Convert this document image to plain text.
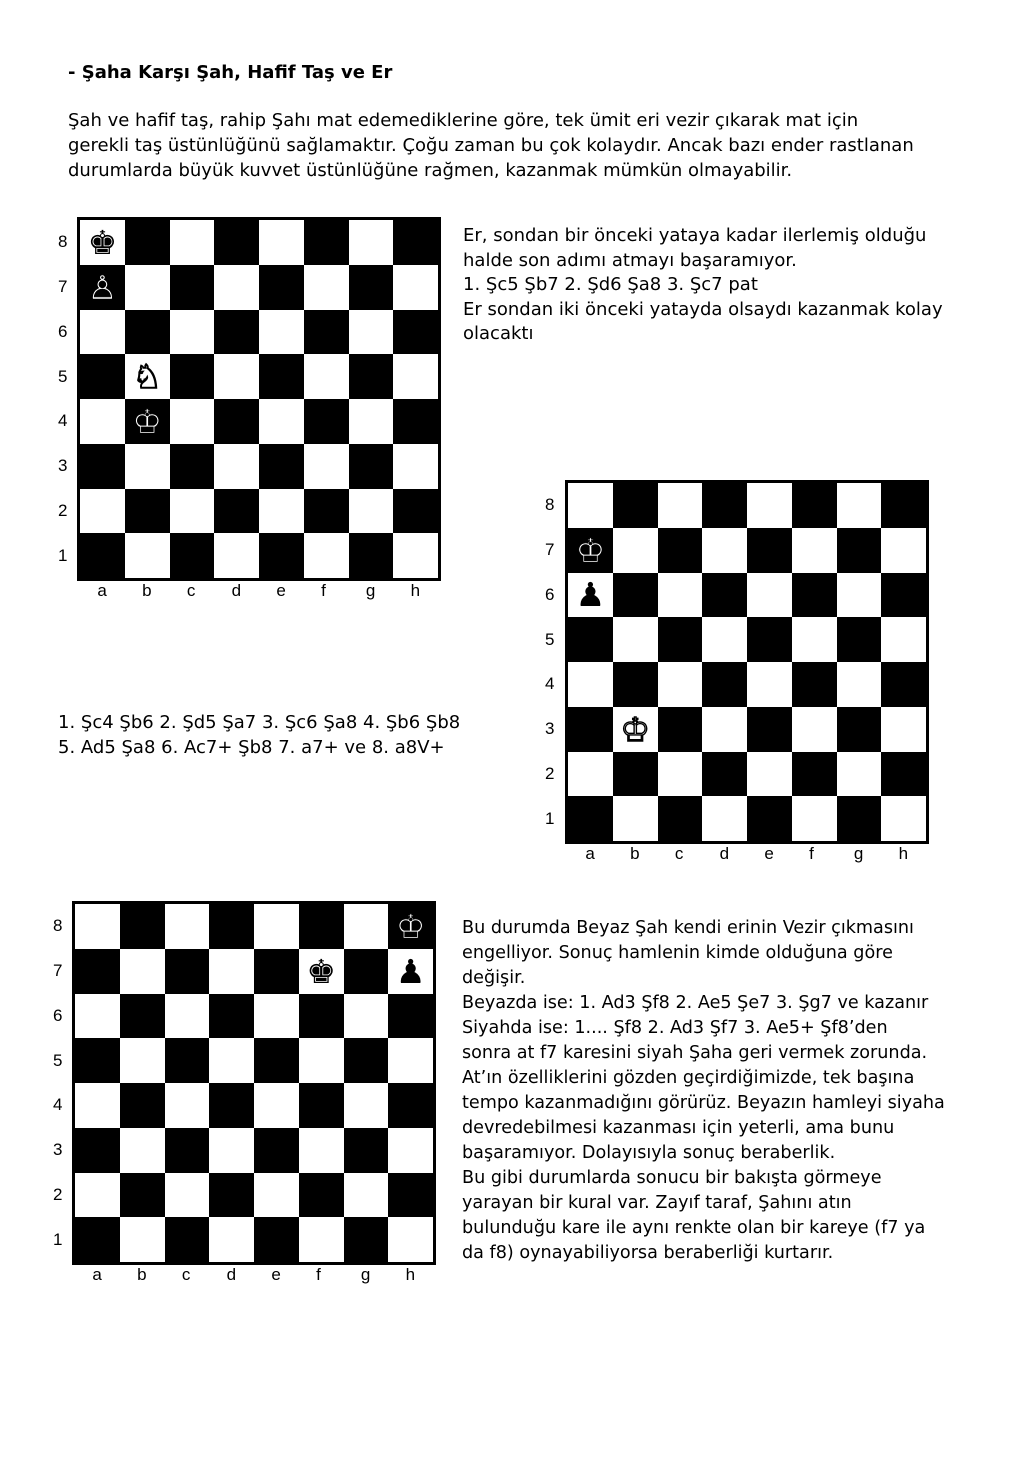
- Şaha Karşı Şah, Hafif Taş ve Er

Şah ve hafif taş, rahip Şahı mat edemediklerine göre, tek ümit eri vezir çıkarak mat için

gerekli taş üstünlüğünü sağlamaktır. Çoğu zaman bu çok kolaydır. Ancak bazı ender rastlanan

durumlarda büyük kuvvet üstünlüğüne rağmen, kazanmak mümkün olmayabilir.

♚
♙
♘
♔
8
7
6
5
4
3
2
1
a b c d e f g h

Er, sondan bir önceki yataya kadar ilerlemiş olduğu

halde son adımı atmayı başaramıyor.

1. Şc5 Şb7 2. Şd6 Şa8 3. Şc7 pat

Er sondan iki önceki yatayda olsaydı kazanmak kolay

olacaktı

♔
♟
♞
♔
8
7
6
5
4
3
2
1
a b c d e f g h

1. Şc4 Şb6 2. Şd5 Şa7 3. Şc6 Şa8 4. Şb6 Şb8

5. Ad5 Şa8 6. Ac7+ Şb8 7. a7+ ve 8. a8V+

♔
♚ ♟
♞
8
7
6
5
4
3
2
1
a b c d e f g h

Bu durumda Beyaz Şah kendi erinin Vezir çıkmasını

engelliyor. Sonuç hamlenin kimde olduğuna göre

değişir.

Beyazda ise: 1. Ad3 Şf8 2. Ae5 Şe7 3. Şg7 ve kazanır

Siyahda ise: 1.... Şf8 2. Ad3 Şf7 3. Ae5+ Şf8’den

sonra at f7 karesini siyah Şaha geri vermek zorunda.

At’ın özelliklerini gözden geçirdiğimizde, tek başına

tempo kazanmadığını görürüz. Beyazın hamleyi siyaha

devredebilmesi kazanması için yeterli, ama bunu

başaramıyor. Dolayısıyla sonuç beraberlik.

Bu gibi durumlarda sonucu bir bakışta görmeye

yarayan bir kural var. Zayıf taraf, Şahını atın

bulunduğu kare ile aynı renkte olan bir kareye (f7 ya

da f8) oynayabiliyorsa beraberliği kurtarır.
